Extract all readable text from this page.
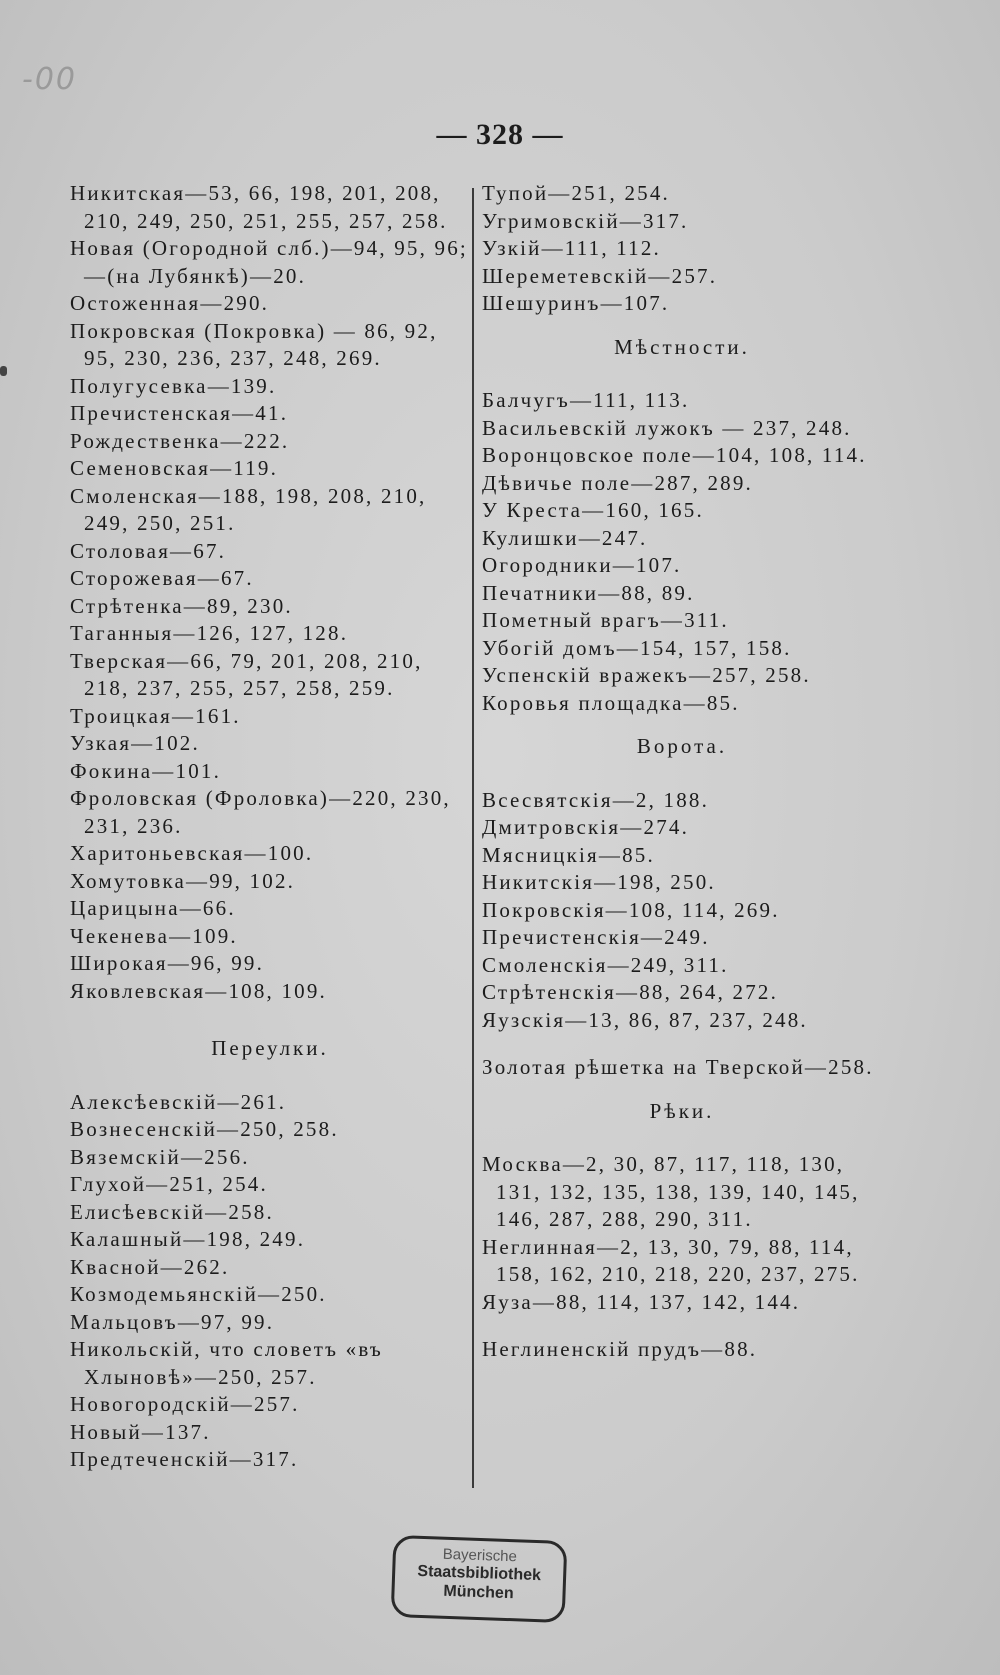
-00
— 328 —
Никитская—53, 66, 198, 201, 208, 210, 249, 250, 251, 255, 257, 258.
Новая (Огородной слб.)—94, 95, 96;—(на Лубянкѣ)—20.
Остоженная—290.
Покровская (Покровка) — 86, 92, 95, 230, 236, 237, 248, 269.
Полугусевка—139.
Пречистенская—41.
Рождественка—222.
Семеновская—119.
Смоленская—188, 198, 208, 210, 249, 250, 251.
Столовая—67.
Сторожевая—67.
Стрѣтенка—89, 230.
Таганныя—126, 127, 128.
Тверская—66, 79, 201, 208, 210, 218, 237, 255, 257, 258, 259.
Троицкая—161.
Узкая—102.
Фокина—101.
Фроловская (Фроловка)—220, 230, 231, 236.
Харитоньевская—100.
Хомутовка—99, 102.
Царицына—66.
Чекенева—109.
Широкая—96, 99.
Яковлевская—108, 109.
Переулки.
Алексѣевскій—261.
Вознесенскій—250, 258.
Вяземскій—256.
Глухой—251, 254.
Елисѣевскій—258.
Калашный—198, 249.
Квасной—262.
Козмодемьянскій—250.
Мальцовъ—97, 99.
Никольскій, что словетъ «въ Хлыновѣ»—250, 257.
Новогородскій—257.
Новый—137.
Предтеченскій—317.
Тупой—251, 254.
Угримовскій—317.
Узкій—111, 112.
Шереметевскій—257.
Шешуринъ—107.
Мѣстности.
Балчугъ—111, 113.
Васильевскій лужокъ — 237, 248.
Воронцовское поле—104, 108, 114.
Дѣвичье поле—287, 289.
У Креста—160, 165.
Кулишки—247.
Огородники—107.
Печатники—88, 89.
Пометный врагъ—311.
Убогій домъ—154, 157, 158.
Успенскій вражекъ—257, 258.
Коровья площадка—85.
Ворота.
Всесвятскія—2, 188.
Дмитровскія—274.
Мясницкія—85.
Никитскія—198, 250.
Покровскія—108, 114, 269.
Пречистенскія—249.
Смоленскія—249, 311.
Стрѣтенскія—88, 264, 272.
Яузскія—13, 86, 87, 237, 248.
Золотая рѣшетка на Тверской—258.
Рѣки.
Москва—2, 30, 87, 117, 118, 130, 131, 132, 135, 138, 139, 140, 145, 146, 287, 288, 290, 311.
Неглинная—2, 13, 30, 79, 88, 114, 158, 162, 210, 218, 220, 237, 275.
Яуза—88, 114, 137, 142, 144.
Неглиненскій прудъ—88.
Bayerische
Staatsbibliothek
München
